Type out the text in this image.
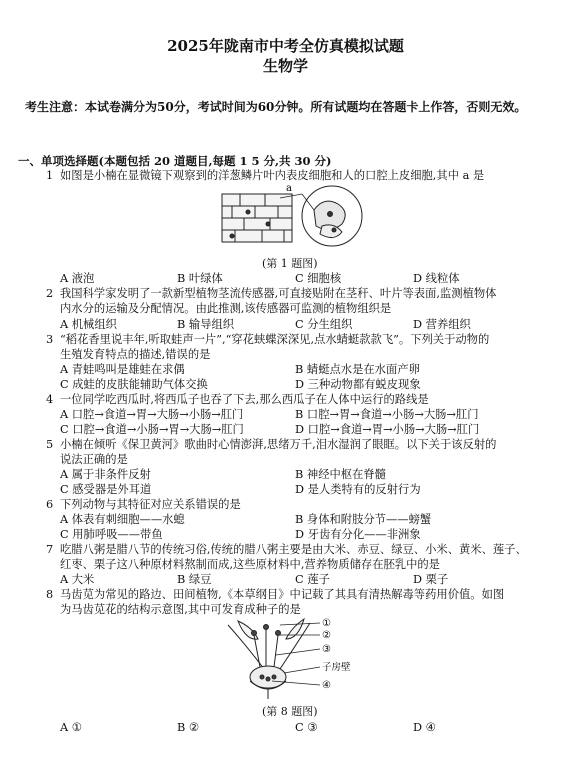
2025年陇南市中考全仿真模拟试题
生物学
考生注意：本试卷满分为50分，考试时间为60分钟。所有试题均在答题卡上作答，否则无效。
一、单项选择题(本题包括 20 道题目,每题 1 5 分,共 30 分)
1 如图是小楠在显微镜下观察到的洋葱鳞片叶内表皮细胞和人的口腔上皮细胞,其中 a 是
a
(第 1 题图)
A 液泡	B 叶绿体	C 细胞核	D 线粒体
2 我国科学家发明了一款新型植物茎流传感器,可直接贴附在茎秆、叶片等表面,监测植物体
内水分的运输及分配情况。由此推测,该传感器可监测的植物组织是
A 机械组织	B 输导组织	C 分生组织	D 营养组织
3 “稻花香里说丰年,听取蛙声一片”,“穿花蛱蝶深深见,点水蜻蜓款款飞”。下列关于动物的
生殖发育特点的描述,错误的是
A 青蛙鸣叫是雄蛙在求偶	B 蜻蜓点水是在水面产卵
C 成蛙的皮肤能辅助气体交换	D 三种动物都有蜕皮现象
4 一位同学吃西瓜时,将西瓜子也吞了下去,那么西瓜子在人体中运行的路线是
A 口腔→食道→胃→大肠→小肠→肛门	B 口腔→胃→食道→小肠→大肠→肛门
C 口腔→食道→小肠→胃→大肠→肛门	D 口腔→食道→胃→小肠→大肠→肛门
5 小楠在倾听《保卫黄河》歌曲时心情澎湃,思绪万千,泪水湿润了眼眶。以下关于该反射的
说法正确的是
A 属于非条件反射	B 神经中枢在脊髓
C 感受器是外耳道	D 是人类特有的反射行为
6 下列动物与其特征对应关系错误的是
A 体表有刺细胞——水螅	B 身体和附肢分节——螃蟹
C 用肺呼吸——带鱼	D 牙齿有分化——非洲象
7 吃腊八粥是腊八节的传统习俗,传统的腊八粥主要是由大米、赤豆、绿豆、小米、黄米、莲子、
红枣、栗子这八种原材料熬制而成,这些原材料中,营养物质储存在胚乳中的是
A 大米	B 绿豆	C 莲子	D 栗子
8 马齿苋为常见的路边、田间植物,《本草纲目》中记载了其具有清热解毒等药用价值。如图
为马齿苋花的结构示意图,其中可发育成种子的是
①
②
③
子房壁
④
(第 8 题图)
A ①	B ②	C ③	D ④
